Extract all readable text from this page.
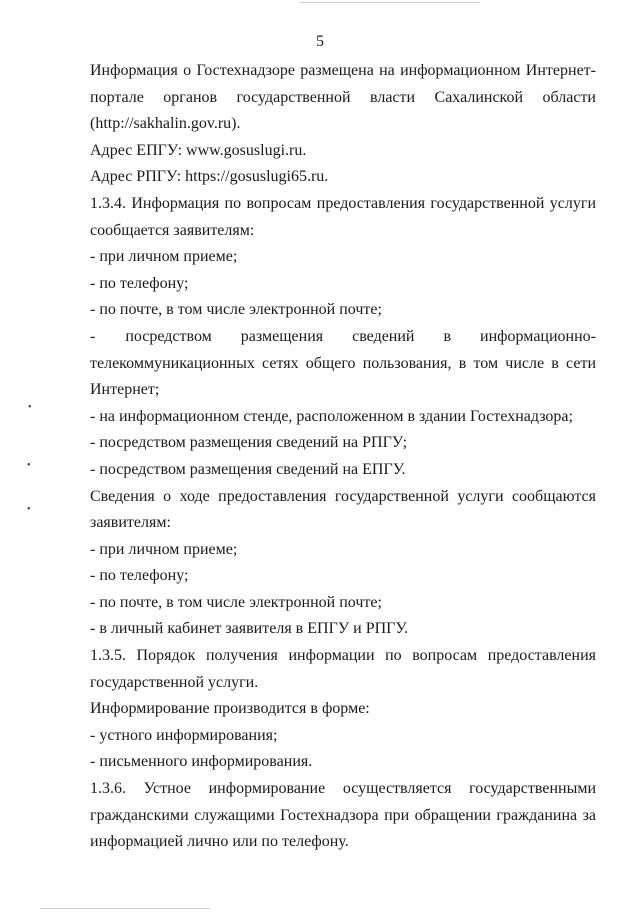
•
•
•
5
Информация о Гостехнадзоре размещена на информационном Интернет-
портале органов государственной власти Сахалинской области
(http://sakhalin.gov.ru).
Адрес ЕПГУ: www.gosuslugi.ru.
Адрес РПГУ: https://gosuslugi65.ru.
1.3.4. Информация по вопросам предоставления государственной услуги
сообщается заявителям:
- при личном приеме;
- по телефону;
- по почте, в том числе электронной почте;
- посредством размещения сведений в информационно-
телекоммуникационных сетях общего пользования, в том числе в сети
Интернет;
- на информационном стенде, расположенном в здании Гостехнадзора;
- посредством размещения сведений на РПГУ;
- посредством размещения сведений на ЕПГУ.
Сведения о ходе предоставления государственной услуги сообщаются
заявителям:
- при личном приеме;
- по телефону;
- по почте, в том числе электронной почте;
- в личный кабинет заявителя в ЕПГУ и РПГУ.
1.3.5. Порядок получения информации по вопросам предоставления
государственной услуги.
Информирование производится в форме:
- устного информирования;
- письменного информирования.
1.3.6. Устное информирование осуществляется государственными
гражданскими служащими Гостехнадзора при обращении гражданина за
информацией лично или по телефону.
